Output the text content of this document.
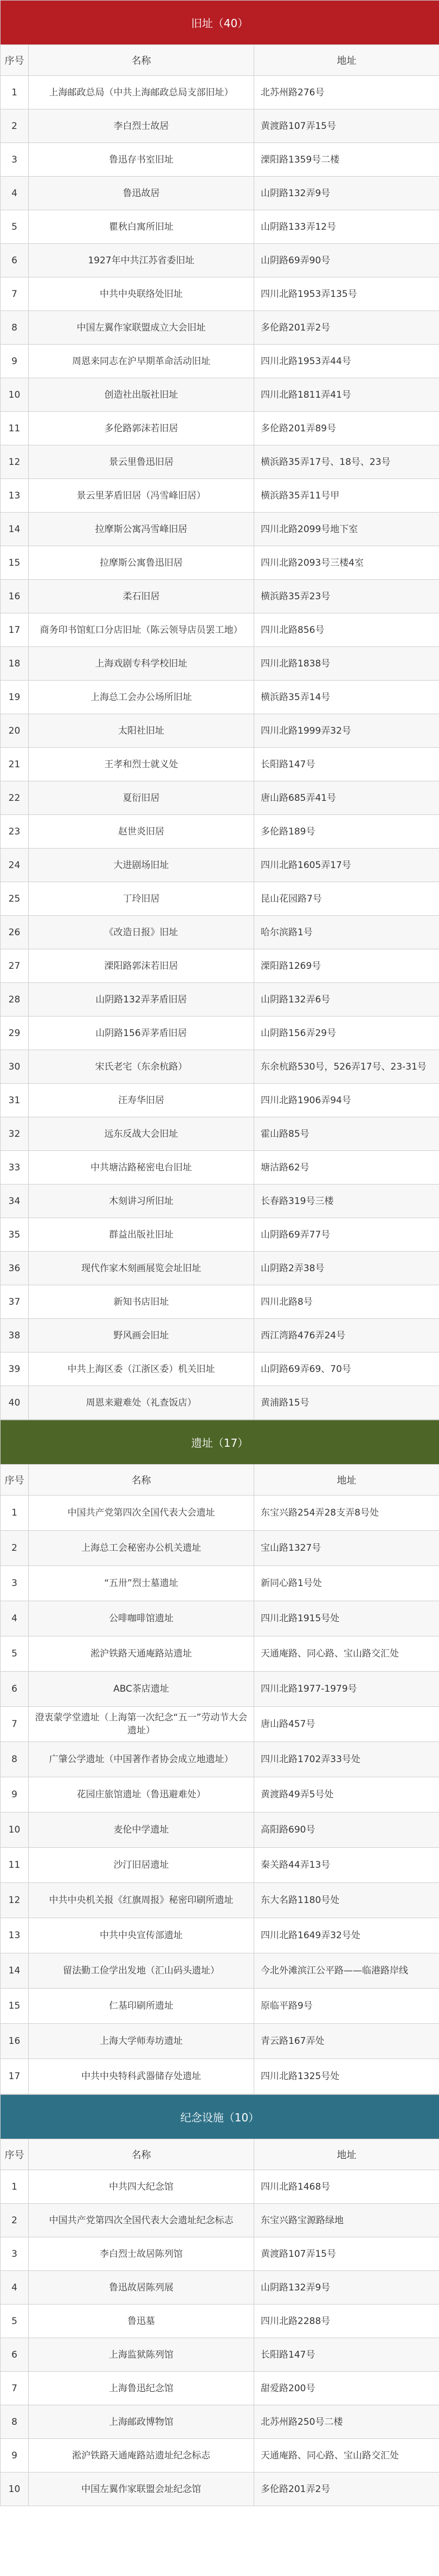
旧址（40）		
序号	名称	地址
1	上海邮政总局（中共上海邮政总局支部旧址）	北苏州路276号
2	李白烈士故居	黄渡路107弄15号
3	鲁迅存书室旧址	溧阳路1359号二楼
4	鲁迅故居	山阴路132弄9号
5	瞿秋白寓所旧址	山阴路133弄12号
6	1927年中共江苏省委旧址	山阴路69弄90号
7	中共中央联络处旧址	四川北路1953弄135号
8	中国左翼作家联盟成立大会旧址	多伦路201弄2号
9	周恩来同志在沪早期革命活动旧址	四川北路1953弄44号
10	创造社出版社旧址	四川北路1811弄41号
11	多伦路郭沫若旧居	多伦路201弄89号
12	景云里鲁迅旧居	横浜路35弄17号、18号、23号
13	景云里茅盾旧居（冯雪峰旧居）	横浜路35弄11号甲
14	拉摩斯公寓冯雪峰旧居	四川北路2099号地下室
15	拉摩斯公寓鲁迅旧居	四川北路2093号三楼4室
16	柔石旧居	横浜路35弄23号
17	商务印书馆虹口分店旧址（陈云领导店员罢工地）	四川北路856号
18	上海戏剧专科学校旧址	四川北路1838号
19	上海总工会办公场所旧址	横浜路35弄14号
20	太阳社旧址	四川北路1999弄32号
21	王孝和烈士就义处	长阳路147号
22	夏衍旧居	唐山路685弄41号
23	赵世炎旧居	多伦路189号
24	大进剧场旧址	四川北路1605弄17号
25	丁玲旧居	昆山花园路7号
26	《改造日报》旧址	哈尔滨路1号
27	溧阳路郭沫若旧居	溧阳路1269号
28	山阴路132弄茅盾旧居	山阴路132弄6号
29	山阴路156弄茅盾旧居	山阴路156弄29号
30	宋氏老宅（东余杭路）	东余杭路530号，526弄17号、23-31号
31	汪寿华旧居	四川北路1906弄94号
32	远东反战大会旧址	霍山路85号
33	中共塘沽路秘密电台旧址	塘沽路62号
34	木刻讲习所旧址	长春路319号三楼
35	群益出版社旧址	山阴路69弄77号
36	现代作家木刻画展览会址旧址	山阴路2弄38号
37	新知书店旧址	四川北路8号
38	野风画会旧址	西江湾路476弄24号
39	中共上海区委（江浙区委）机关旧址	山阴路69弄69、70号
40	周恩来避难处（礼查饭店）	黄浦路15号
遗址（17）		
序号	名称	地址
1	中国共产党第四次全国代表大会遗址	东宝兴路254弄28支弄8号处
2	上海总工会秘密办公机关遗址	宝山路1327号
3	“五卅”烈士墓遗址	新同心路1号处
4	公啡咖啡馆遗址	四川北路1915号处
5	淞沪铁路天通庵路站遗址	天通庵路、同心路、宝山路交汇处
6	ABC茶店遗址	四川北路1977-1979号
7	澄衷蒙学堂遗址（上海第一次纪念“五一”劳动节大会遗址）	唐山路457号
8	广肇公学遗址（中国著作者协会成立地遗址）	四川北路1702弄33号处
9	花园庄旅馆遗址（鲁迅避难处）	黄渡路49弄5号处
10	麦伦中学遗址	高阳路690号
11	沙汀旧居遗址	秦关路44弄13号
12	中共中央机关报《红旗周报》秘密印刷所遗址	东大名路1180号处
13	中共中央宣传部遗址	四川北路1649弄32号处
14	留法勤工俭学出发地（汇山码头遗址）	今北外滩滨江公平路——临港路岸线
15	仁基印刷所遗址	原临平路9号
16	上海大学师寿坊遗址	青云路167弄处
17	中共中央特科武器储存处遗址	四川北路1325号处
纪念设施（10）		
序号	名称	地址
1	中共四大纪念馆	四川北路1468号
2	中国共产党第四次全国代表大会遗址纪念标志	东宝兴路宝源路绿地
3	李白烈士故居陈列馆	黄渡路107弄15号
4	鲁迅故居陈列展	山阴路132弄9号
5	鲁迅墓	四川北路2288号
6	上海监狱陈列馆	长阳路147号
7	上海鲁迅纪念馆	甜爱路200号
8	上海邮政博物馆	北苏州路250号二楼
9	淞沪铁路天通庵路站遗址纪念标志	天通庵路、同心路、宝山路交汇处
10	中国左翼作家联盟会址纪念馆	多伦路201弄2号
